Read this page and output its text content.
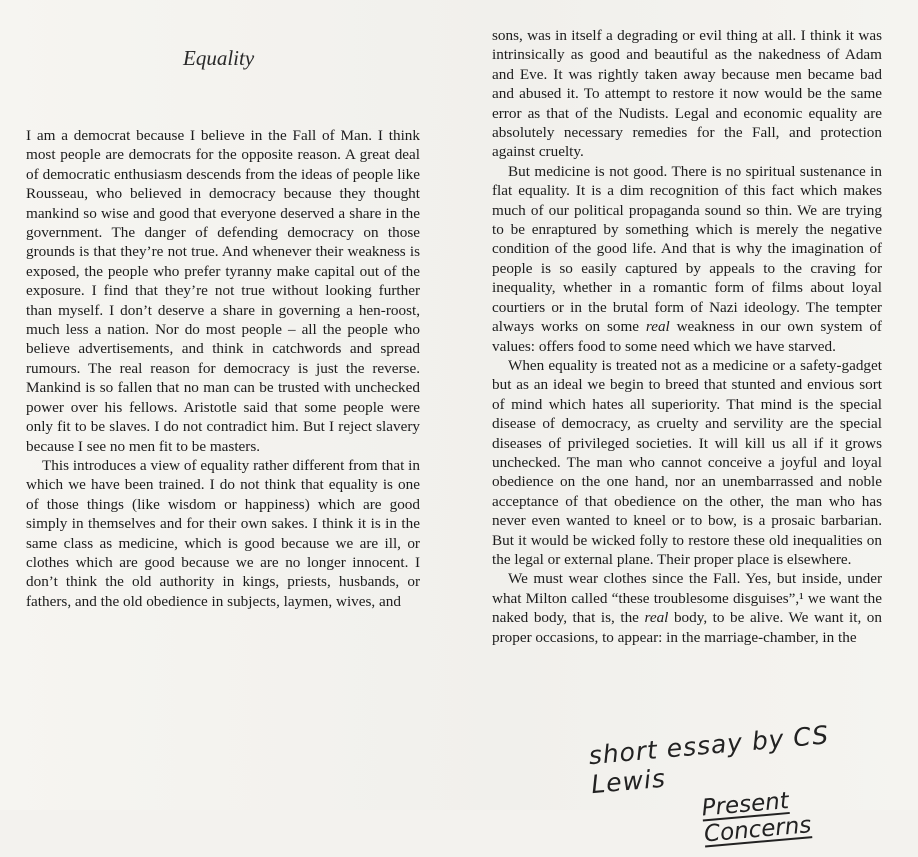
Equality

I am a democrat because I believe in the Fall of Man. I think most people are democrats for the opposite reason. A great deal of democratic enthusiasm descends from the ideas of people like Rousseau, who believed in democracy because they thought mankind so wise and good that everyone deserved a share in the government. The danger of defending democracy on those grounds is that they’re not true. And whenever their weakness is exposed, the people who prefer tyranny make capital out of the exposure. I find that they’re not true without looking further than myself. I don’t deserve a share in governing a hen-roost, much less a nation. Nor do most people – all the people who believe advertisements, and think in catchwords and spread rumours. The real reason for democracy is just the reverse. Mankind is so fallen that no man can be trusted with unchecked power over his fellows. Aristotle said that some people were only fit to be slaves. I do not contradict him. But I reject slavery because I see no men fit to be masters.

This introduces a view of equality rather different from that in which we have been trained. I do not think that equality is one of those things (like wisdom or happiness) which are good simply in themselves and for their own sakes. I think it is in the same class as medicine, which is good because we are ill, or clothes which are good because we are no longer innocent. I don’t think the old authority in kings, priests, husbands, or fathers, and the old obedience in subjects, laymen, wives, and

sons, was in itself a degrading or evil thing at all. I think it was intrinsically as good and beautiful as the nakedness of Adam and Eve. It was rightly taken away because men became bad and abused it. To attempt to restore it now would be the same error as that of the Nudists. Legal and economic equality are absolutely necessary remedies for the Fall, and protection against cruelty.

But medicine is not good. There is no spiritual sustenance in flat equality. It is a dim recognition of this fact which makes much of our political propaganda sound so thin. We are trying to be enraptured by something which is merely the negative condition of the good life. And that is why the imagination of people is so easily captured by appeals to the craving for inequality, whether in a romantic form of films about loyal courtiers or in the brutal form of Nazi ideology. The tempter always works on some real weakness in our own system of values: offers food to some need which we have starved.

When equality is treated not as a medicine or a safety-gadget but as an ideal we begin to breed that stunted and envious sort of mind which hates all superiority. That mind is the special disease of democracy, as cruelty and servility are the special diseases of privileged societies. It will kill us all if it grows unchecked. The man who cannot conceive a joyful and loyal obedience on the one hand, nor an unembarrassed and noble acceptance of that obedience on the other, the man who has never even wanted to kneel or to bow, is a prosaic barbarian. But it would be wicked folly to restore these old inequalities on the legal or external plane. Their proper place is elsewhere.

We must wear clothes since the Fall. Yes, but inside, under what Milton called “these troublesome disguises”,¹ we want the naked body, that is, the real body, to be alive. We want it, on proper occasions, to appear: in the marriage-chamber, in the

short essay by CS Lewis
Present Concerns
